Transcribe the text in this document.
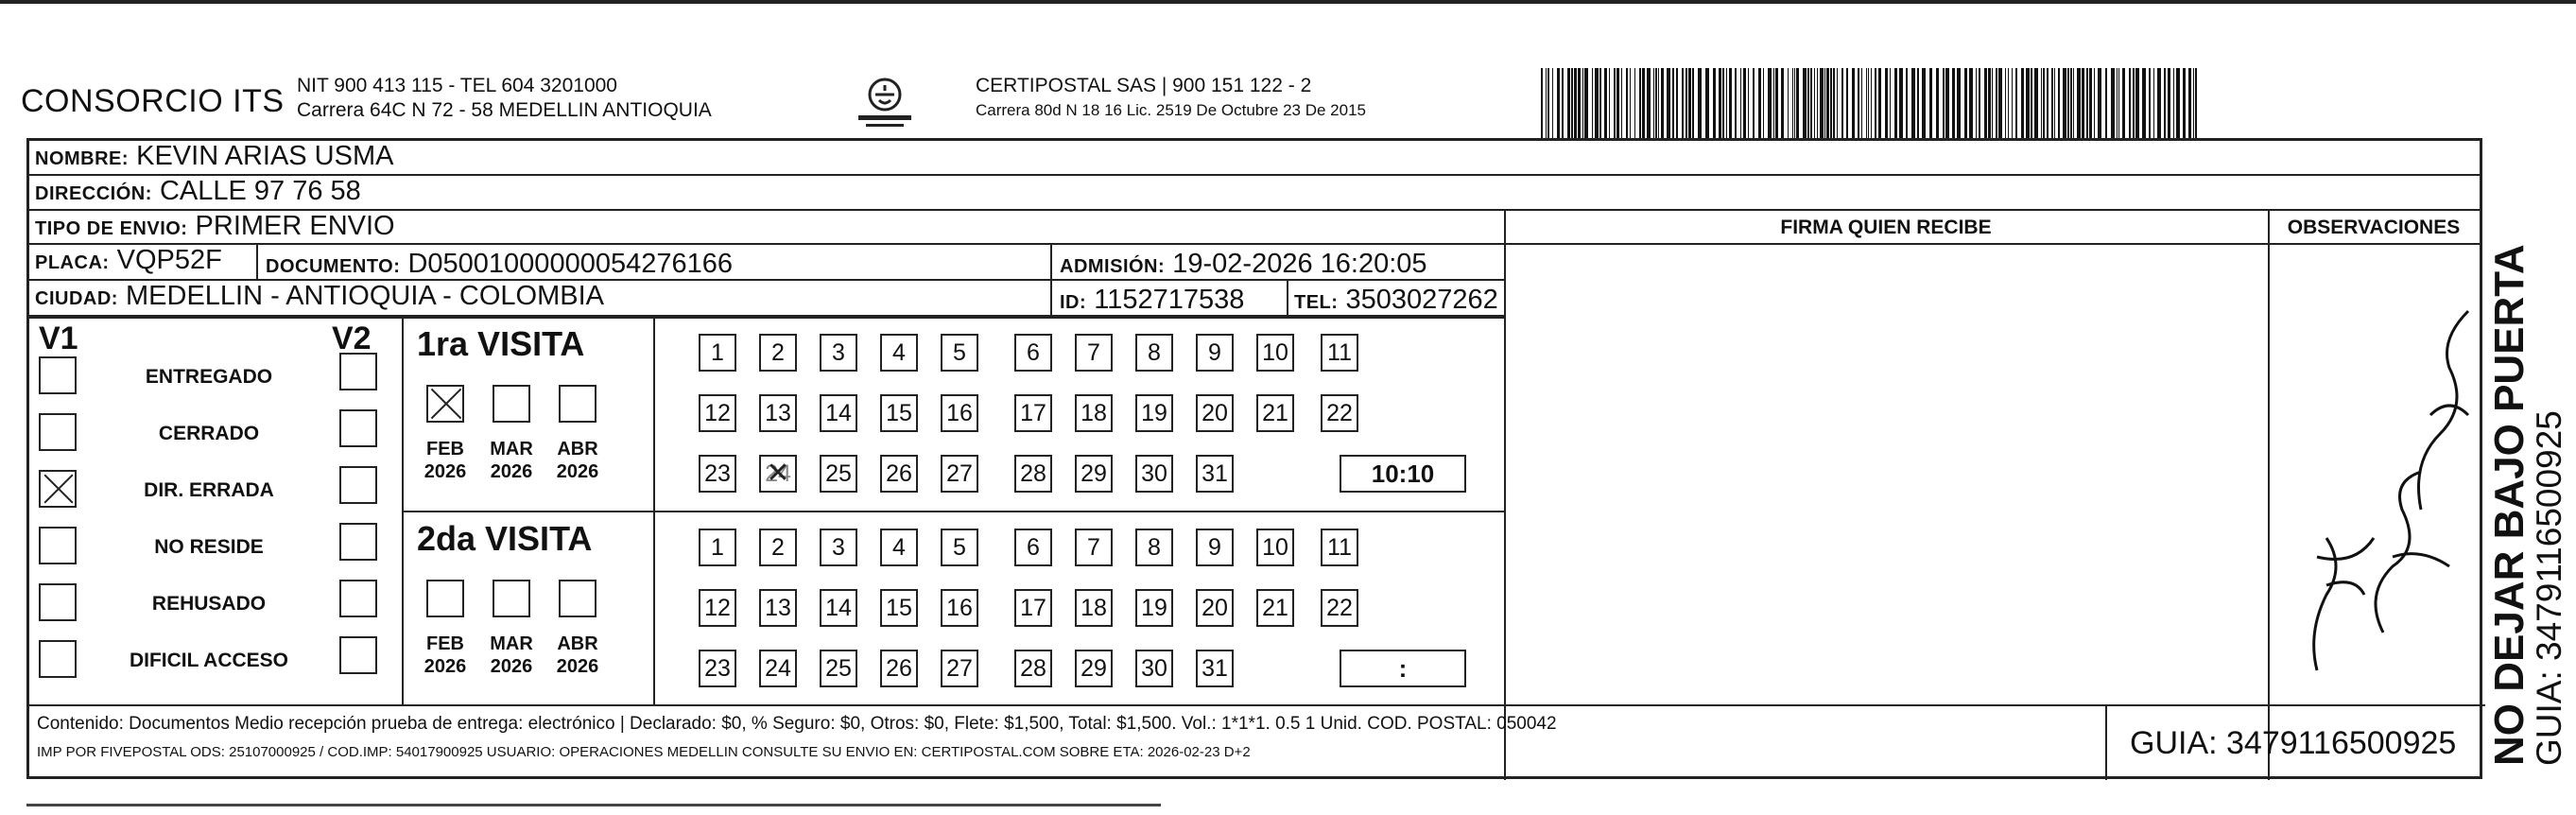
CONSORCIO ITS NIT 900 413 115 - TEL 604 3201000
Carrera 64C N 72 - 58 MEDELLIN ANTIOQUIA
CERTIPOSTAL SAS | 900 151 122 - 2
Carrera 80d N 18 16 Lic. 2519 De Octubre 23 De 2015
NOMBRE: KEVIN ARIAS USMA
DIRECCIÓN: CALLE 97 76 58
TIPO DE ENVIO: PRIMER ENVIO
PLACA: VQP52F	DOCUMENTO: D05001000000054276166	ADMISIÓN: 19-02-2026 16:20:05
CIUDAD: MEDELLIN - ANTIOQUIA - COLOMBIA	ID: 1152717538	TEL: 3503027262
FIRMA QUIEN RECIBE	OBSERVACIONES
V1	V2
ENTREGADO
CERRADO
DIR. ERRADA
NO RESIDE
REHUSADO
DIFICIL ACCESO
1ra VISITA
FEB
2026
MAR
2026
ABR
2026
1	2	3	4	5	6	7	8	9	10 11
12 13 14 15 16 17 18 19 20 21 22
23 24 ✕ 25 26 27 28 29 30 31	10:10
2da VISITA
FEB
2026
MAR
2026
ABR
2026
1	2	3	4	5	6	7	8	9	10 11
12 13 14 15 16 17 18 19 20 21 22
23 24 25 26 27 28 29 30 31	:
Contenido: Documentos Medio recepción prueba de entrega: electrónico | Declarado: $0, % Seguro: $0, Otros: $0, Flete: $1,500, Total: $1,500. Vol.: 1*1*1. 0.5 1 Unid. COD. POSTAL: 050042
IMP POR FIVEPOSTAL ODS: 25107000925 / COD.IMP: 54017900925 USUARIO: OPERACIONES MEDELLIN CONSULTE SU ENVIO EN: CERTIPOSTAL.COM SOBRE ETA: 2026-02-23 D+2	GUIA: 3479116500925 NO DEJAR BAJO PUERTA
GUIA: 3479116500925
